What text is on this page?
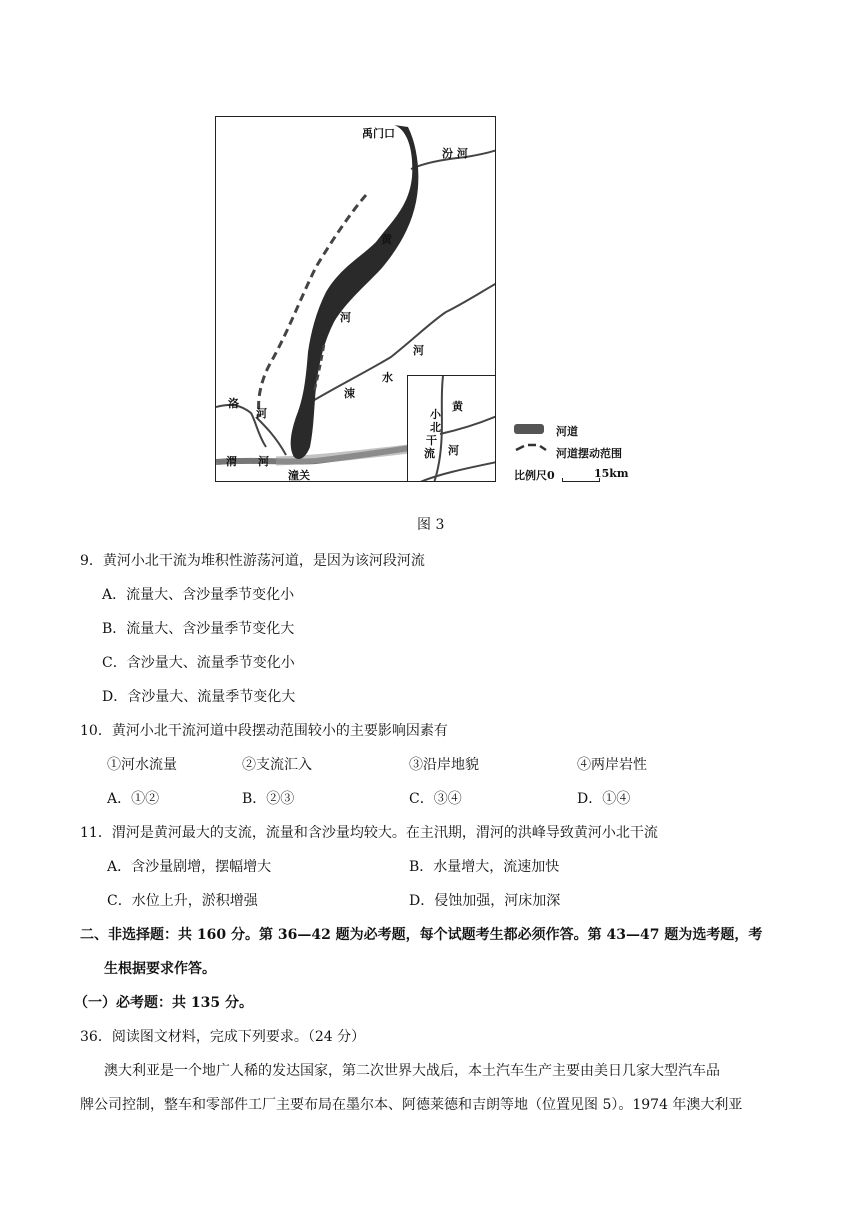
禹门口
汾 河
黄
河
河
水
涑
洛
河
渭 河
潼关
小
北
干
流
黄
河
河道
河道摆动范围
比例尺0	15km
图 3
9．黄河小北干流为堆积性游荡河道，是因为该河段河流
A．流量大、含沙量季节变化小
B．流量大、含沙量季节变化大
C．含沙量大、流量季节变化小
D．含沙量大、流量季节变化大
10．黄河小北干流河道中段摆动范围较小的主要影响因素有
①河水流量	②支流汇入	③沿岸地貌	④两岸岩性
A．①②	B．②③	C．③④	D．①④
11．渭河是黄河最大的支流，流量和含沙量均较大。在主汛期，渭河的洪峰导致黄河小北干流
A．含沙量剧增，摆幅增大	B．水量增大，流速加快
C．水位上升，淤积增强	D．侵蚀加强，河床加深
二、非选择题：共 160 分。第 36—42 题为必考题，每个试题考生都必须作答。第 43—47 题为选考题，考
生根据要求作答。
（一）必考题：共 135 分。
36．阅读图文材料，完成下列要求。（24 分）
澳大利亚是一个地广人稀的发达国家，第二次世界大战后，本土汽车生产主要由美日几家大型汽车品
牌公司控制，整车和零部件工厂主要布局在墨尔本、阿德莱德和吉朗等地（位置见图 5）。1974 年澳大利亚
